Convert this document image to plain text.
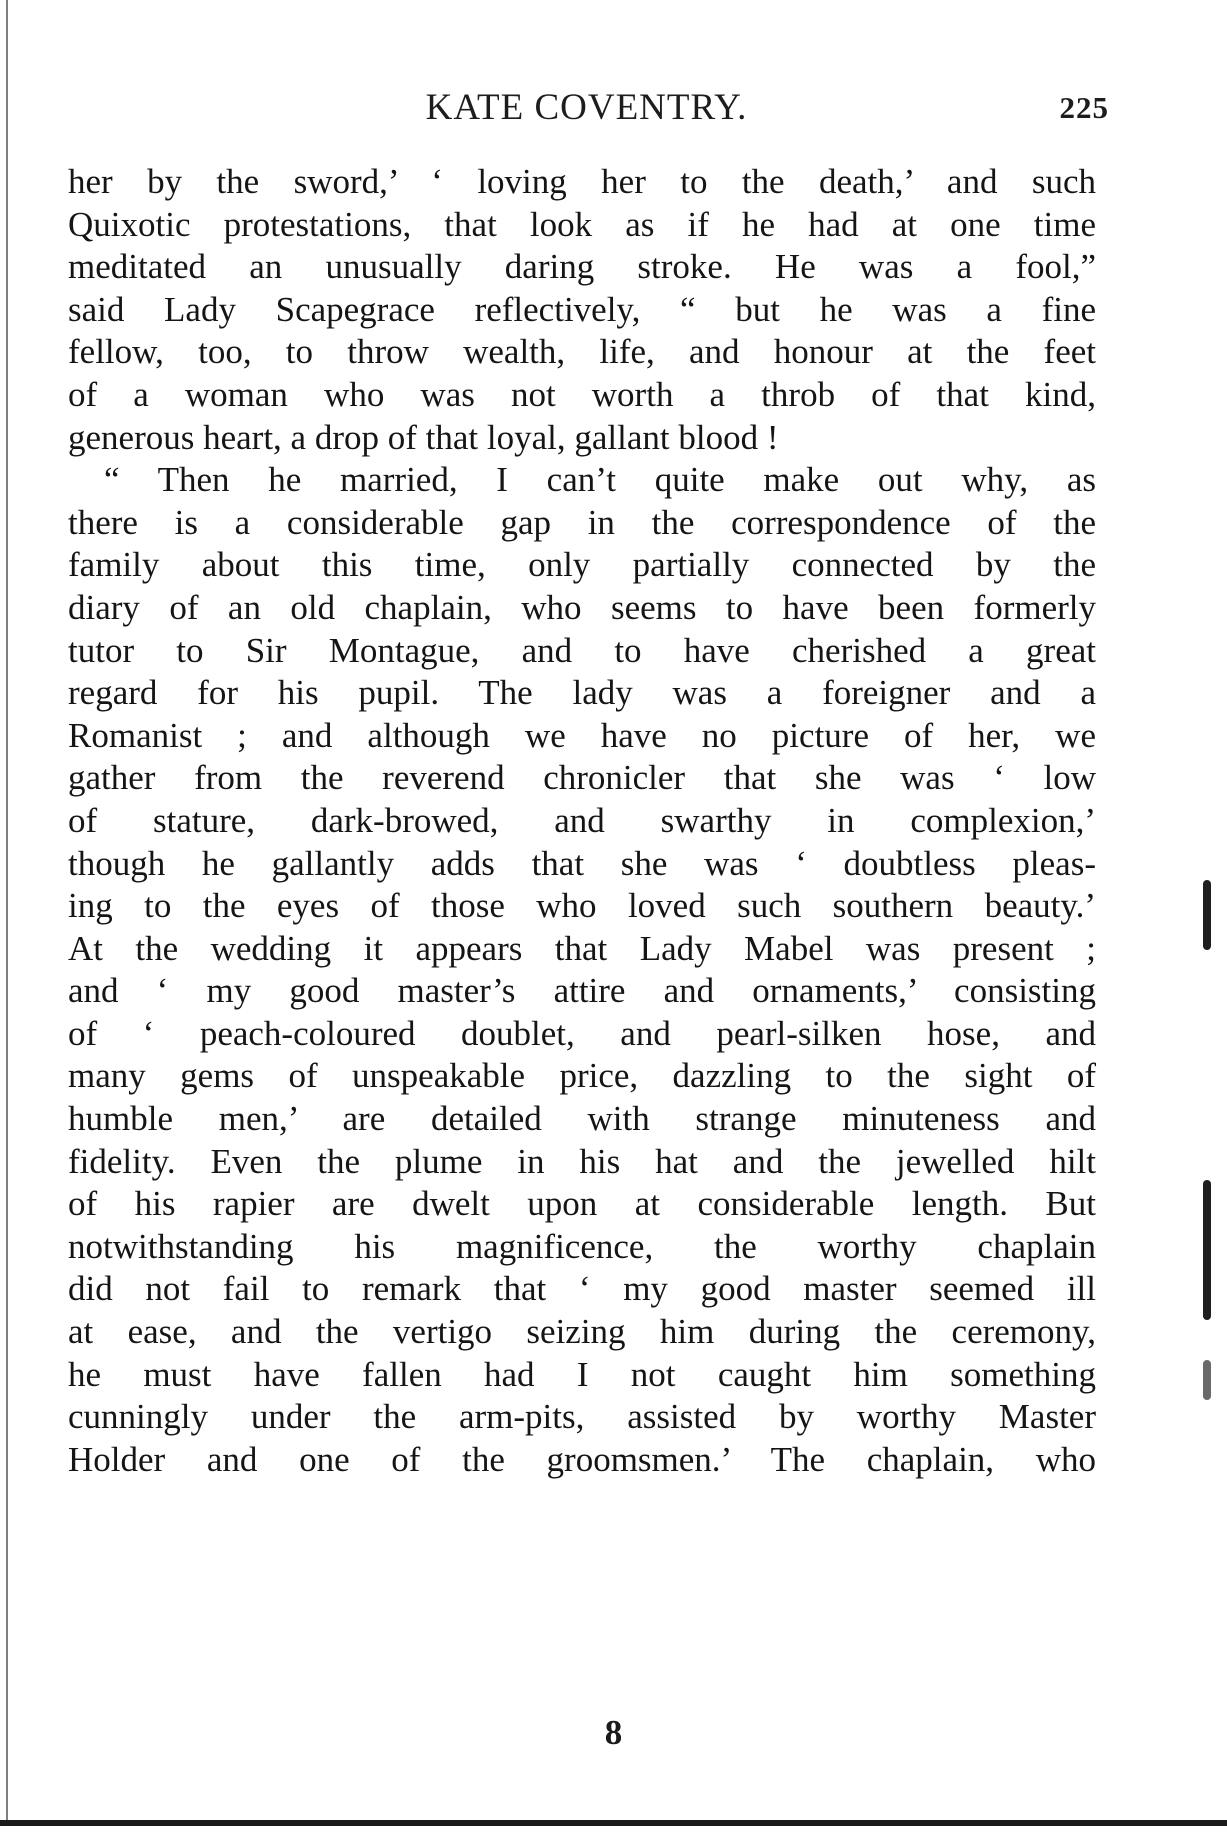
KATE COVENTRY.	225
her by the sword,’ ‘ loving her to the death,’ and such
Quixotic protestations, that look as if he had at one time
meditated an unusually daring stroke. He was a fool,”
said Lady Scapegrace reflectively, “ but he was a fine
fellow, too, to throw wealth, life, and honour at the feet
of a woman who was not worth a throb of that kind,
generous heart, a drop of that loyal, gallant blood !
“ Then he married, I can’t quite make out why, as
there is a considerable gap in the correspondence of the
family about this time, only partially connected by the
diary of an old chaplain, who seems to have been formerly
tutor to Sir Montague, and to have cherished a great
regard for his pupil. The lady was a foreigner and a
Romanist ; and although we have no picture of her, we
gather from the reverend chronicler that she was ‘ low
of stature, dark-browed, and swarthy in complexion,’
though he gallantly adds that she was ‘ doubtless pleas-
ing to the eyes of those who loved such southern beauty.’
At the wedding it appears that Lady Mabel was present ;
and ‘ my good master’s attire and ornaments,’ consisting
of ‘ peach-coloured doublet, and pearl-silken hose, and
many gems of unspeakable price, dazzling to the sight of
humble men,’ are detailed with strange minuteness and
fidelity. Even the plume in his hat and the jewelled hilt
of his rapier are dwelt upon at considerable length. But
notwithstanding his magnificence, the worthy chaplain
did not fail to remark that ‘ my good master seemed ill
at ease, and the vertigo seizing him during the ceremony,
he must have fallen had I not caught him something
cunningly under the arm-pits, assisted by worthy Master
Holder and one of the groomsmen.’ The chaplain, who
8
